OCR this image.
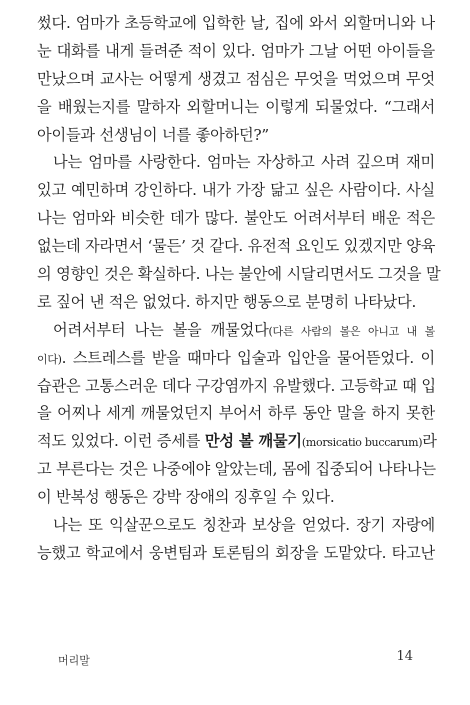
썼다. 엄마가 초등학교에 입학한 날, 집에 와서 외할머니와 나
눈 대화를 내게 들려준 적이 있다. 엄마가 그날 어떤 아이들을
만났으며 교사는 어떻게 생겼고 점심은 무엇을 먹었으며 무엇
을 배웠는지를 말하자 외할머니는 이렇게 되물었다. “그래서
아이들과 선생님이 너를 좋아하던?”
나는 엄마를 사랑한다. 엄마는 자상하고 사려 깊으며 재미
있고 예민하며 강인하다. 내가 가장 닮고 싶은 사람이다. 사실
나는 엄마와 비슷한 데가 많다. 불안도 어려서부터 배운 적은
없는데 자라면서 ‘물든’ 것 같다. 유전적 요인도 있겠지만 양육
의 영향인 것은 확실하다. 나는 불안에 시달리면서도 그것을 말
로 짚어 낸 적은 없었다. 하지만 행동으로 분명히 나타났다.
어려서부터 나는 볼을 깨물었다(다른 사람의 볼은 아니고 내 볼
이다). 스트레스를 받을 때마다 입술과 입안을 물어뜯었다. 이
습관은 고통스러운 데다 구강염까지 유발했다. 고등학교 때 입
을 어찌나 세게 깨물었던지 부어서 하루 동안 말을 하지 못한
적도 있었다. 이런 증세를 만성 볼 깨물기(morsicatio buccarum)라
고 부른다는 것은 나중에야 알았는데, 몸에 집중되어 나타나는
이 반복성 행동은 강박 장애의 징후일 수 있다.
나는 또 익살꾼으로도 칭찬과 보상을 얻었다. 장기 자랑에
능했고 학교에서 웅변팀과 토론팀의 회장을 도맡았다. 타고난
머리말	14
